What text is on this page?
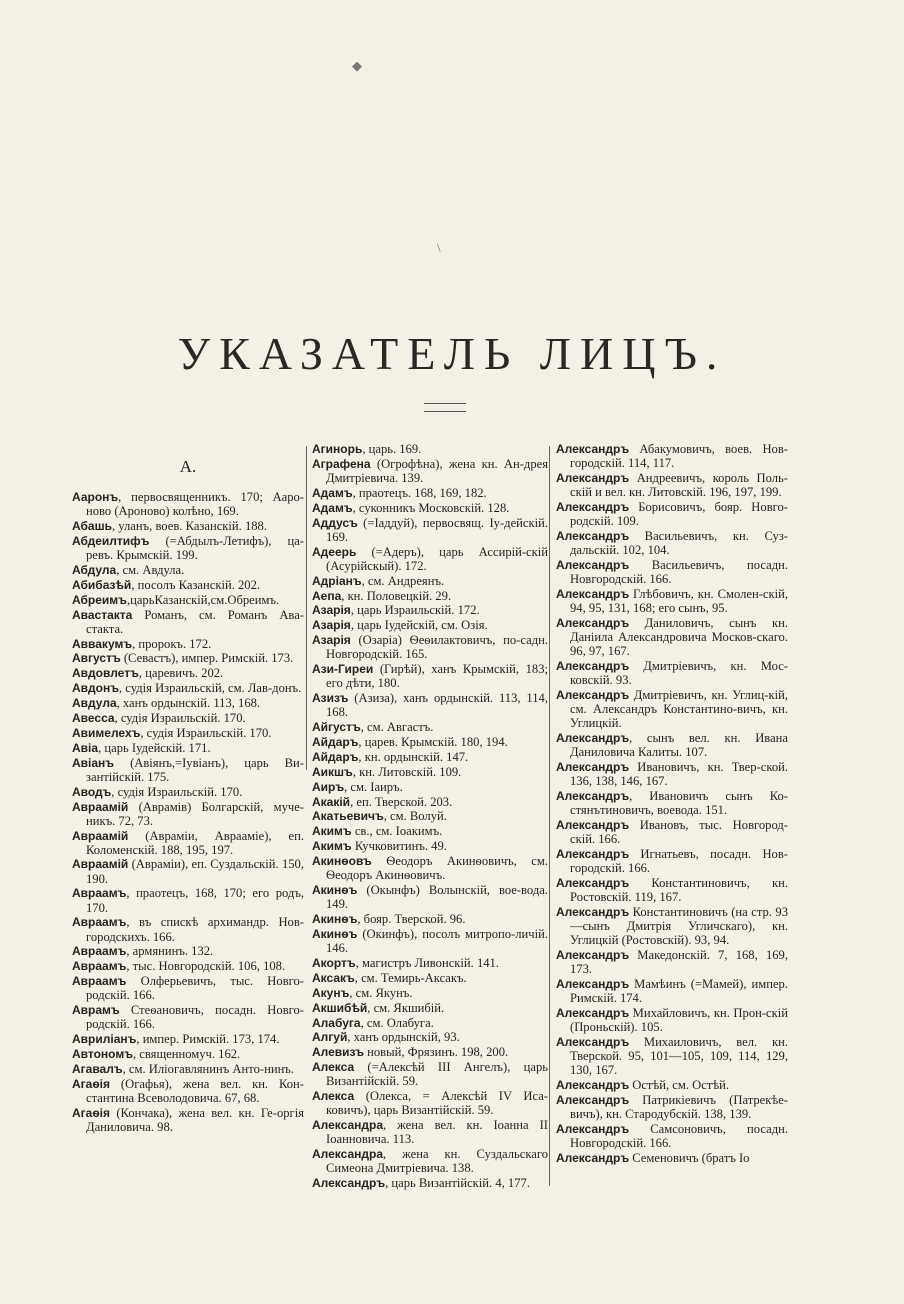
◆
\
УКАЗАТЕЛЬ ЛИЦЪ.
А.

Ааронъ, первосвященникъ. 170; Ааро-ново (Ароново) колѣно, 169.

Абашь, уланъ, воев. Казанскій. 188.

Абдеилтифъ (=Абдылъ-Летифъ), ца-ревъ. Крымскій. 199.

Абдула, см. Авдула.

Абибазѣй, посолъ Казанскій. 202.

Абреимъ,царьКазанскій,см.Обреимъ.

Авастакта Романъ, см. Романъ Ава-стакта.

Аввакумъ, пророкъ. 172.

Августъ (Севастъ), импер. Римскій. 173.

Авдовлетъ, царевичъ. 202.

Авдонъ, судія Израильскій, см. Лав-донъ.

Авдула, ханъ ордынскій. 113, 168.

Авесса, судія Израильскій. 170.

Авимелехъ, судія Израильскій. 170.

Авіа, царь Іудейскій. 171.

Авіанъ (Авіянъ,=Іувіанъ), царь Ви-зантійскій. 175.

Аводъ, судія Израильскій. 170.

Авраамій (Аврамів) Болгарскій, муче-никъ. 72, 73.

Авраамій (Авраміи, Аврааміе), еп. Коломенскій. 188, 195, 197.

Авраамій (Авраміи), еп. Суздальскій. 150, 190.

Авраамъ, праотецъ, 168, 170; его родъ, 170.

Авраамъ, въ спискѣ архимандр. Нов-городскихъ. 166.

Авраамъ, армянинъ. 132.

Авраамъ, тыс. Новгородскій. 106, 108.

Авраамъ Олферьевичъ, тыс. Новго-родскій. 166.

Аврамъ Стеѳановичъ, посадн. Новго-родскій. 166.

Авриліанъ, импер. Римскій. 173, 174.

Автономъ, священномуч. 162.

Агавалъ, см. Иліогавлянинъ Анто-нинъ.

Агаѳія (Огафья), жена вел. кн. Кон-стантина Всеволодовича. 67, 68.

Агаѳія (Кончака), жена вел. кн. Ге-оргія Даниловича. 98.

Агинорь, царь. 169.

Аграфена (Огрофѣна), жена кн. Ан-дрея Дмитріевича. 139.

Адамъ, праотецъ. 168, 169, 182.

Адамъ, суконникъ Московскій. 128.

Аддусъ (=Іаддуй), первосвящ. Іу-дейскій. 169.

Адеерь (=Адеръ), царь Ассирій-скій (Асурійскый). 172.

Адріанъ, см. Андреянъ.

Аепа, кн. Половецкій. 29.

Азарія, царь Израильскій. 172.

Азарія, царь Іудейскій, см. Озія.

Азарія (Озаріа) Ѳеѳилактовичъ, по-садн. Новгородскій. 165.

Ази-Гиреи (Гирѣй), ханъ Крымскій, 183; его дѣти, 180.

Азизъ (Азиза), ханъ ордынскій. 113, 114, 168.

Айгустъ, см. Авгастъ.

Айдаръ, царев. Крымскій. 180, 194.

Айдаръ, кн. ордынскій. 147.

Аикшъ, кн. Литовскій. 109.

Аиръ, см. Іаиръ.

Акакій, еп. Тверской. 203.

Акатьевичъ, см. Волуй.

Акимъ св., см. Іоакимъ.

Акимъ Кучковитинъ. 49.

Акинѳовъ Ѳеодоръ Акинѳовичъ, см. Ѳеодоръ Акинѳовичъ.

Акинѳъ (Окынфъ) Волынскій, вое-вода. 149.

Акинѳъ, бояр. Тверской. 96.

Акинѳъ (Окинфъ), посолъ митропо-личій. 146.

Акортъ, магистръ Ливонскій. 141.

Аксакъ, см. Темирь-Аксакъ.

Акунъ, см. Якунъ.

Акшибѣй, см. Якшибій.

Алабуга, см. Олабуга.

Алгуй, ханъ ордынскій, 93.

Алевизъ новый, Фрязинъ. 198, 200.

Алекса (=Алексѣй III Ангелъ), царь Византійскій. 59.

Алекса (Олекса, = Алексѣй IV Иса-ковичъ), царь Византійскій. 59.

Александра, жена вел. кн. Іоанна II Іоанновича. 113.

Александра, жена кн. Суздальскаго Симеона Дмитріевича. 138.

Александръ, царь Византійскій. 4, 177.

Александръ Абакумовичъ, воев. Нов-городскій. 114, 117.

Александръ Андреевичъ, король Поль-скій и вел. кн. Литовскій. 196, 197, 199.

Александръ Борисовичъ, бояр. Новго-родскій. 109.

Александръ Васильевичъ, кн. Суз-дальскій. 102, 104.

Александръ Васильевичъ, посадн. Новгородскій. 166.

Александръ Глѣбовичъ, кн. Смолен-скій, 94, 95, 131, 168; его сынъ, 95.

Александръ Даниловичъ, сынъ кн. Даніила Александровича Москов-скаго. 96, 97, 167.

Александръ Дмитріевичъ, кн. Мос-ковскій. 93.

Александръ Дмитріевичъ, кн. Углиц-кій, см. Александръ Константино-вичъ, кн. Углицкій.

Александръ, сынъ вел. кн. Ивана Даниловича Калиты. 107.

Александръ Ивановичъ, кн. Твер-ской. 136, 138, 146, 167.

Александръ, Ивановичъ сынъ Ко-стянътиновичъ, воевода. 151.

Александръ Ивановъ, тыс. Новгород-скій. 166.

Александръ Игнатьевъ, посадн. Нов-городскій. 166.

Александръ Константиновичъ, кн. Ростовскій. 119, 167.

Александръ Константиновичъ (на стр. 93—сынъ Дмитрія Угличскаго), кн. Углицкій (Ростовскій). 93, 94.

Александръ Македонскій. 7, 168, 169, 173.

Александръ Мамѣинъ (=Мамей), импер. Римскій. 174.

Александръ Михайловичъ, кн. Прон-скій (Проньскій). 105.

Александръ Михаиловичъ, вел. кн. Тверской. 95, 101—105, 109, 114, 129, 130, 167.

Александръ Остѣй, см. Остѣй.

Александръ Патрикіевичъ (Патрекѣе-вичъ), кн. Стародубскій. 138, 139.

Александръ Самсоновичъ, посадн. Новгородскій. 166.

Александръ Семеновичъ (братъ Іо
